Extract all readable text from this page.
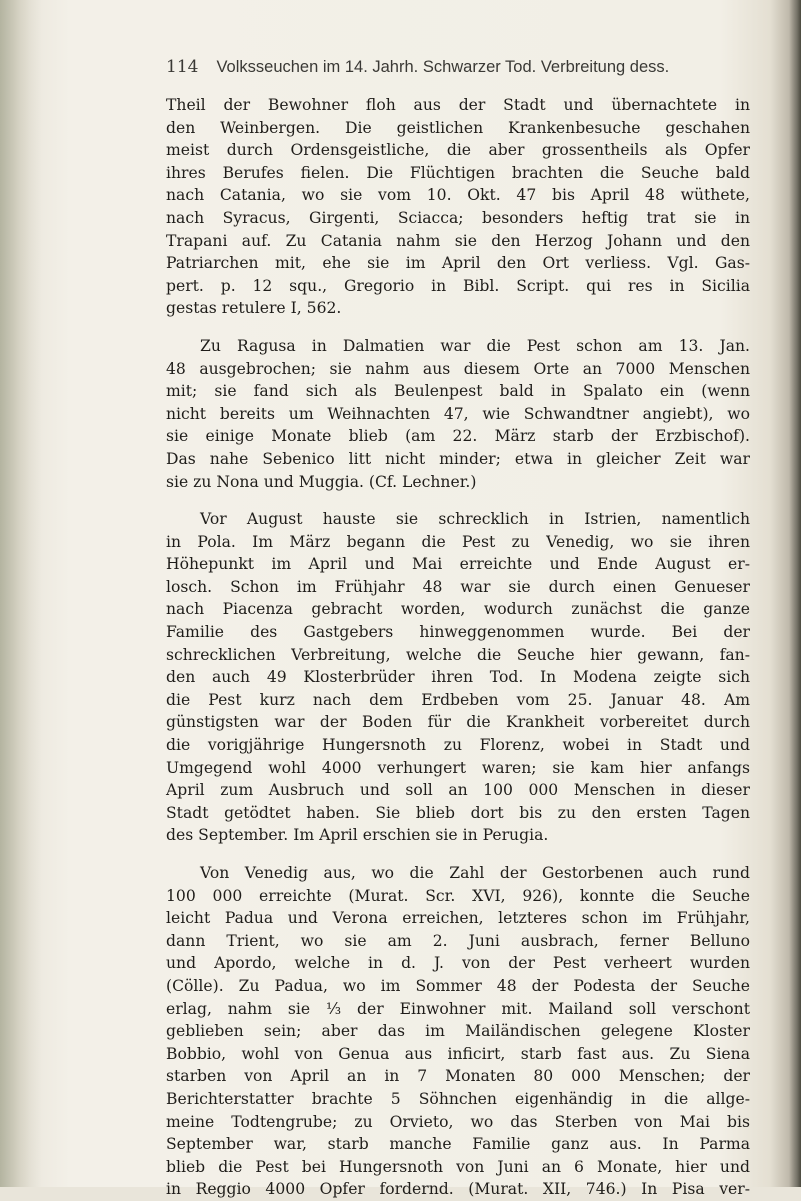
114 Volksseuchen im 14. Jahrh. Schwarzer Tod. Verbreitung dess.

Theil der Bewohner floh aus der Stadt und übernachtete in

den Weinbergen. Die geistlichen Krankenbesuche geschahen

meist durch Ordensgeistliche, die aber grossentheils als Opfer

ihres Berufes fielen. Die Flüchtigen brachten die Seuche bald

nach Catania, wo sie vom 10. Okt. 47 bis April 48 wüthete,

nach Syracus, Girgenti, Sciacca; besonders heftig trat sie in

Trapani auf. Zu Catania nahm sie den Herzog Johann und den

Patriarchen mit, ehe sie im April den Ort verliess. Vgl. Gas-

pert. p. 12 squ., Gregorio in Bibl. Script. qui res in Sicilia

gestas retulere I, 562.

Zu Ragusa in Dalmatien war die Pest schon am 13. Jan.

48 ausgebrochen; sie nahm aus diesem Orte an 7000 Menschen

mit; sie fand sich als Beulenpest bald in Spalato ein (wenn

nicht bereits um Weihnachten 47, wie Schwandtner angiebt), wo

sie einige Monate blieb (am 22. März starb der Erzbischof).

Das nahe Sebenico litt nicht minder; etwa in gleicher Zeit war

sie zu Nona und Muggia. (Cf. Lechner.)

Vor August hauste sie schrecklich in Istrien, namentlich

in Pola. Im März begann die Pest zu Venedig, wo sie ihren

Höhepunkt im April und Mai erreichte und Ende August er-

losch. Schon im Frühjahr 48 war sie durch einen Genueser

nach Piacenza gebracht worden, wodurch zunächst die ganze

Familie des Gastgebers hinweggenommen wurde. Bei der

schrecklichen Verbreitung, welche die Seuche hier gewann, fan-

den auch 49 Klosterbrüder ihren Tod. In Modena zeigte sich

die Pest kurz nach dem Erdbeben vom 25. Januar 48. Am

günstigsten war der Boden für die Krankheit vorbereitet durch

die vorigjährige Hungersnoth zu Florenz, wobei in Stadt und

Umgegend wohl 4000 verhungert waren; sie kam hier anfangs

April zum Ausbruch und soll an 100 000 Menschen in dieser

Stadt getödtet haben. Sie blieb dort bis zu den ersten Tagen

des September. Im April erschien sie in Perugia.

Von Venedig aus, wo die Zahl der Gestorbenen auch rund

100 000 erreichte (Murat. Scr. XVI, 926), konnte die Seuche

leicht Padua und Verona erreichen, letzteres schon im Frühjahr,

dann Trient, wo sie am 2. Juni ausbrach, ferner Belluno

und Apordo, welche in d. J. von der Pest verheert wurden

(Cölle). Zu Padua, wo im Sommer 48 der Podesta der Seuche

erlag, nahm sie ⅓ der Einwohner mit. Mailand soll verschont

geblieben sein; aber das im Mailändischen gelegene Kloster

Bobbio, wohl von Genua aus inficirt, starb fast aus. Zu Siena

starben von April an in 7 Monaten 80 000 Menschen; der

Berichterstatter brachte 5 Söhnchen eigenhändig in die allge-

meine Todtengrube; zu Orvieto, wo das Sterben von Mai bis

September war, starb manche Familie ganz aus. In Parma

blieb die Pest bei Hungersnoth von Juni an 6 Monate, hier und

in Reggio 4000 Opfer fordernd. (Murat. XII, 746.) In Pisa ver-
